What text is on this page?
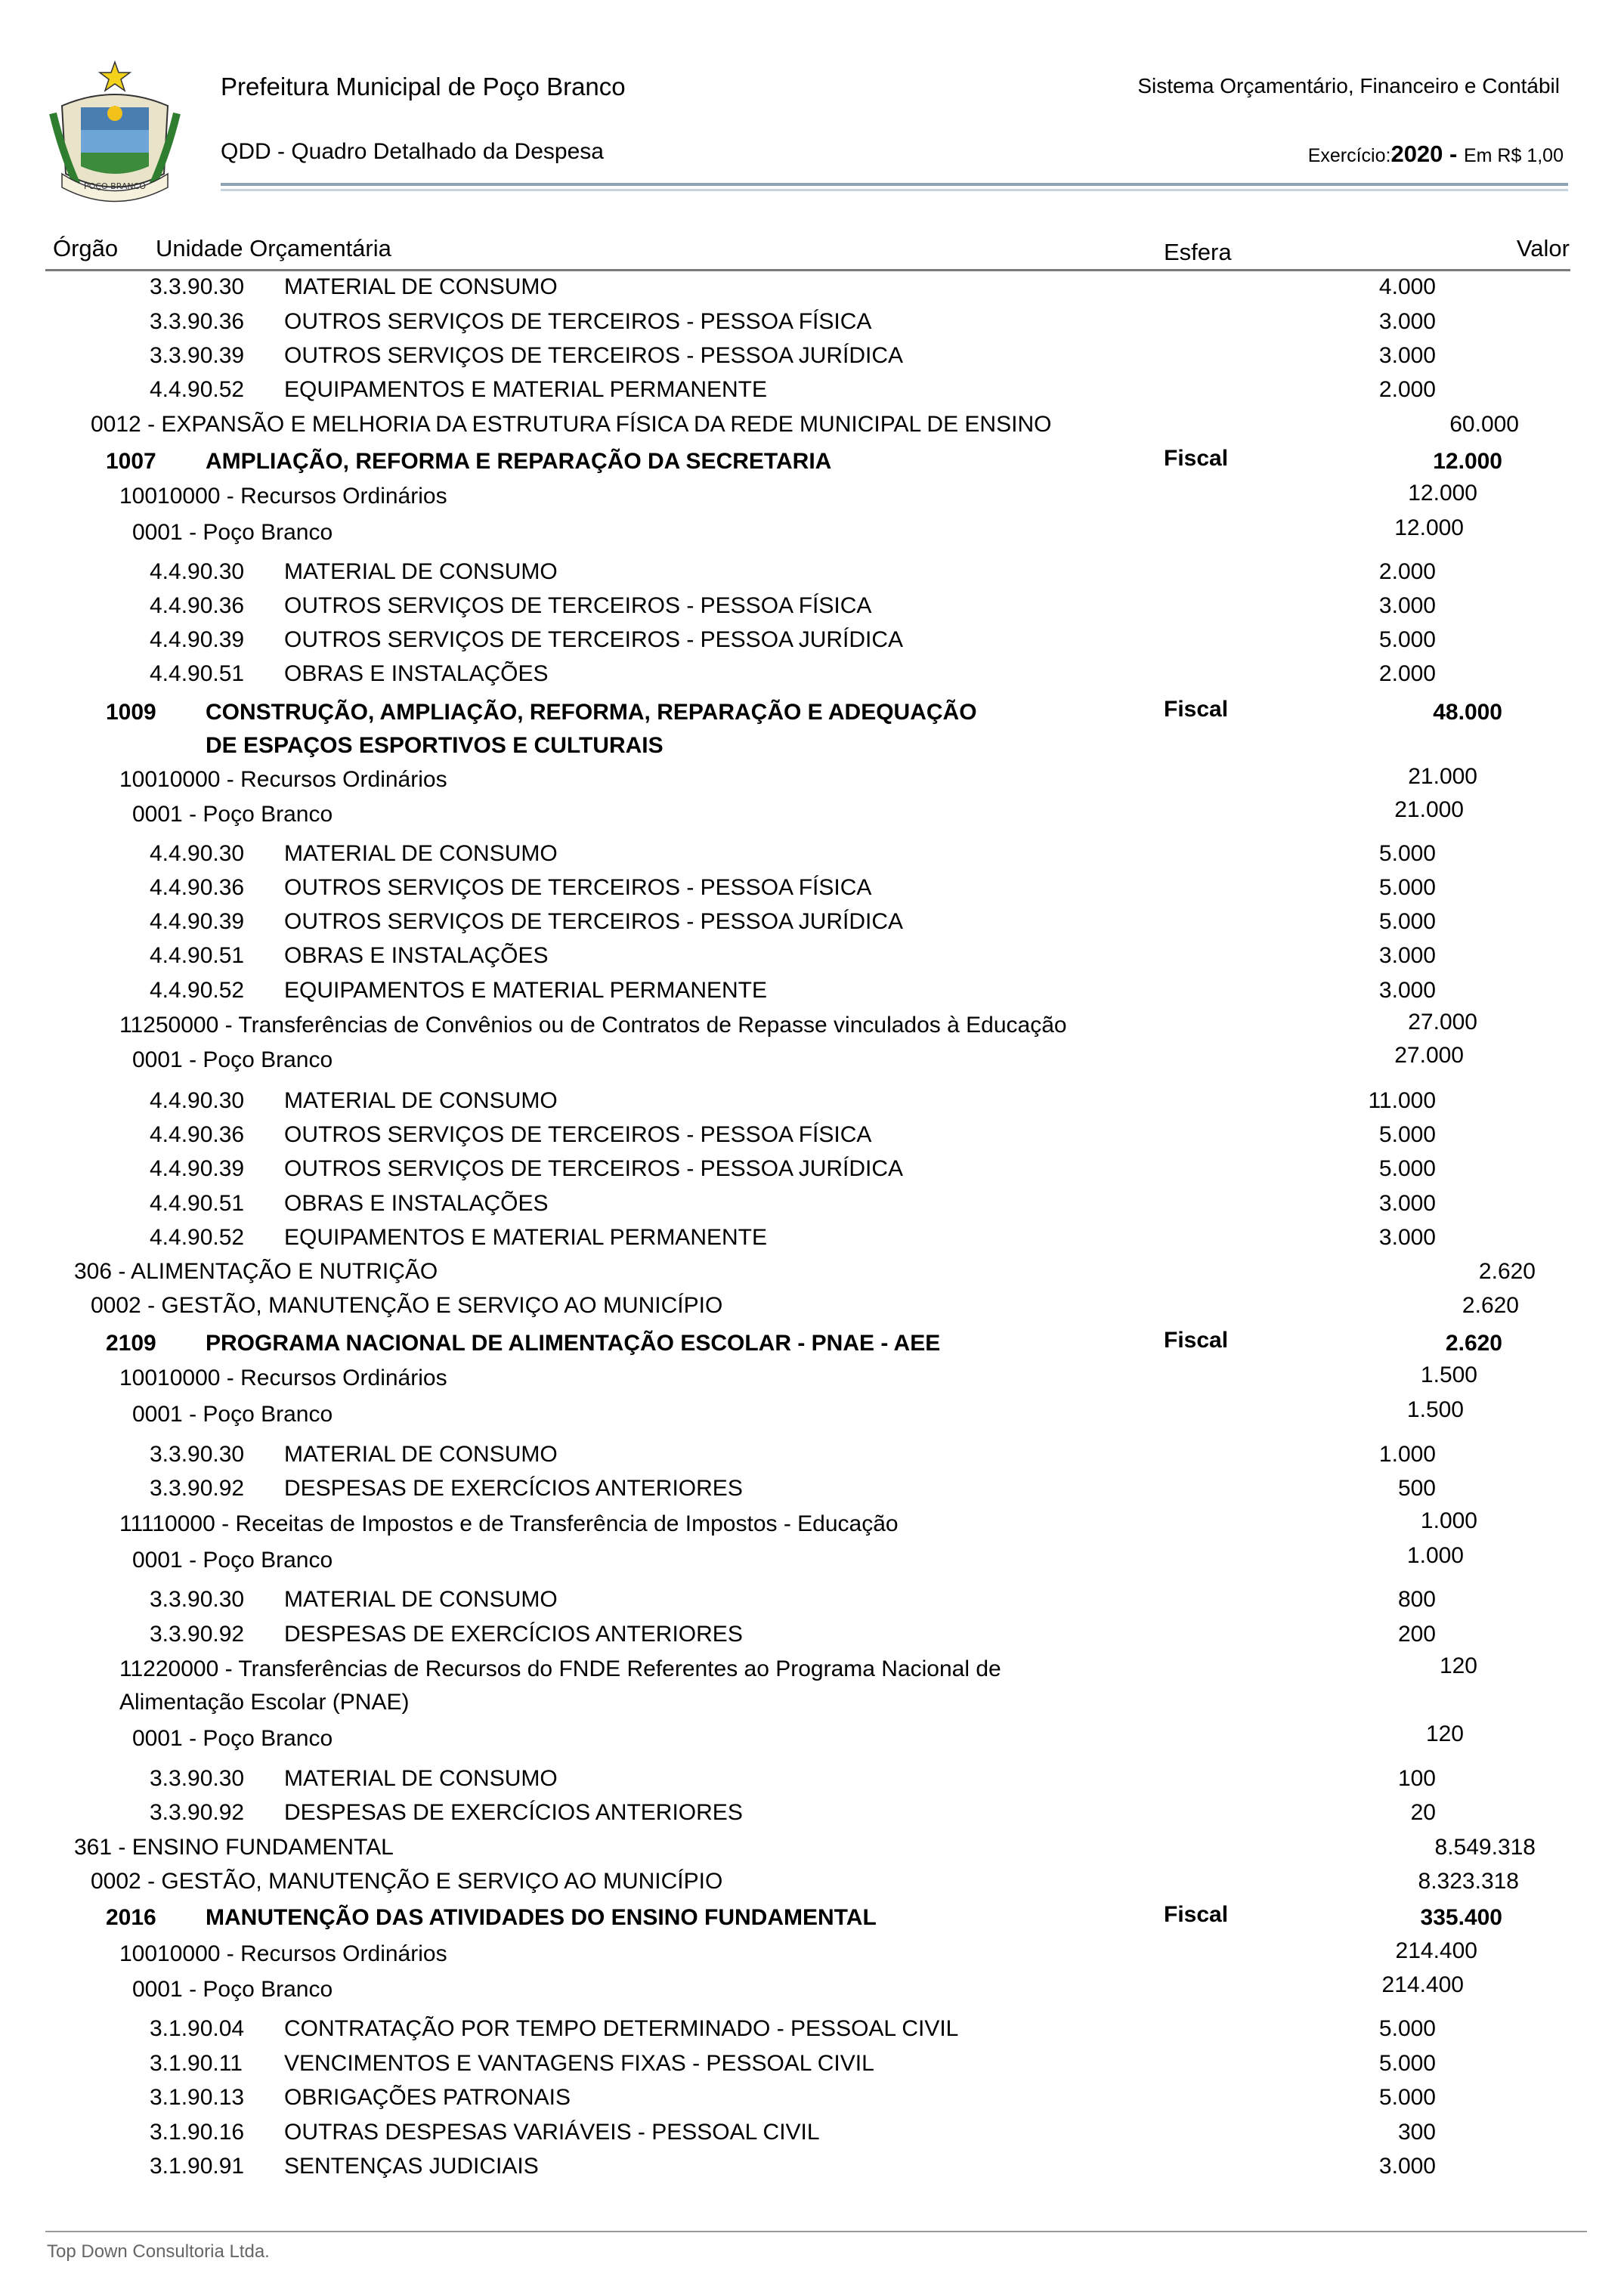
POÇO BRANCO
Prefeitura Municipal de Poço Branco
QDD - Quadro Detalhado da Despesa
Sistema Orçamentário, Financeiro e Contábil
Exercício:2020 - Em R$ 1,00
Órgão Unidade Orçamentária	Esfera	Valor
3.3.90.30 MATERIAL DE CONSUMO	4.000
3.3.90.36 OUTROS SERVIÇOS DE TERCEIROS - PESSOA FÍSICA	3.000
3.3.90.39 OUTROS SERVIÇOS DE TERCEIROS - PESSOA JURÍDICA	3.000
4.4.90.52 EQUIPAMENTOS E MATERIAL PERMANENTE	2.000
0012 - EXPANSÃO E MELHORIA DA ESTRUTURA FÍSICA DA REDE MUNICIPAL DE ENSINO	60.000
1007 AMPLIAÇÃO, REFORMA E REPARAÇÃO DA SECRETARIA	Fiscal	12.000
10010000 - Recursos Ordinários	12.000
0001 - Poço Branco	12.000
4.4.90.30 MATERIAL DE CONSUMO	2.000
4.4.90.36 OUTROS SERVIÇOS DE TERCEIROS - PESSOA FÍSICA	3.000
4.4.90.39 OUTROS SERVIÇOS DE TERCEIROS - PESSOA JURÍDICA	5.000
4.4.90.51 OBRAS E INSTALAÇÕES	2.000
1009 CONSTRUÇÃO, AMPLIAÇÃO, REFORMA, REPARAÇÃO E ADEQUAÇÃO	Fiscal	48.000
DE ESPAÇOS ESPORTIVOS E CULTURAIS
10010000 - Recursos Ordinários	21.000
0001 - Poço Branco	21.000
4.4.90.30 MATERIAL DE CONSUMO	5.000
4.4.90.36 OUTROS SERVIÇOS DE TERCEIROS - PESSOA FÍSICA	5.000
4.4.90.39 OUTROS SERVIÇOS DE TERCEIROS - PESSOA JURÍDICA	5.000
4.4.90.51 OBRAS E INSTALAÇÕES	3.000
4.4.90.52 EQUIPAMENTOS E MATERIAL PERMANENTE	3.000
11250000 - Transferências de Convênios ou de Contratos de Repasse vinculados à Educação	27.000
0001 - Poço Branco	27.000
4.4.90.30 MATERIAL DE CONSUMO	11.000
4.4.90.36 OUTROS SERVIÇOS DE TERCEIROS - PESSOA FÍSICA	5.000
4.4.90.39 OUTROS SERVIÇOS DE TERCEIROS - PESSOA JURÍDICA	5.000
4.4.90.51 OBRAS E INSTALAÇÕES	3.000
4.4.90.52 EQUIPAMENTOS E MATERIAL PERMANENTE	3.000
306 - ALIMENTAÇÃO E NUTRIÇÃO	2.620
0002 - GESTÃO, MANUTENÇÃO E SERVIÇO AO MUNICÍPIO	2.620
2109 PROGRAMA NACIONAL DE ALIMENTAÇÃO ESCOLAR - PNAE - AEE	Fiscal	2.620
10010000 - Recursos Ordinários	1.500
0001 - Poço Branco	1.500
3.3.90.30 MATERIAL DE CONSUMO	1.000
3.3.90.92 DESPESAS DE EXERCÍCIOS ANTERIORES	500
11110000 - Receitas de Impostos e de Transferência de Impostos - Educação	1.000
0001 - Poço Branco	1.000
3.3.90.30 MATERIAL DE CONSUMO	800
3.3.90.92 DESPESAS DE EXERCÍCIOS ANTERIORES	200
11220000 - Transferências de Recursos do FNDE Referentes ao Programa Nacional de	120
Alimentação Escolar (PNAE)
0001 - Poço Branco	120
3.3.90.30 MATERIAL DE CONSUMO	100
3.3.90.92 DESPESAS DE EXERCÍCIOS ANTERIORES	20
361 - ENSINO FUNDAMENTAL	8.549.318
0002 - GESTÃO, MANUTENÇÃO E SERVIÇO AO MUNICÍPIO	8.323.318
2016 MANUTENÇÃO DAS ATIVIDADES DO ENSINO FUNDAMENTAL	Fiscal	335.400
10010000 - Recursos Ordinários	214.400
0001 - Poço Branco	214.400
3.1.90.04 CONTRATAÇÃO POR TEMPO DETERMINADO - PESSOAL CIVIL	5.000
3.1.90.11 VENCIMENTOS E VANTAGENS FIXAS - PESSOAL CIVIL	5.000
3.1.90.13 OBRIGAÇÕES PATRONAIS	5.000
3.1.90.16 OUTRAS DESPESAS VARIÁVEIS - PESSOAL CIVIL	300
3.1.90.91 SENTENÇAS JUDICIAIS	3.000
Top Down Consultoria Ltda.
